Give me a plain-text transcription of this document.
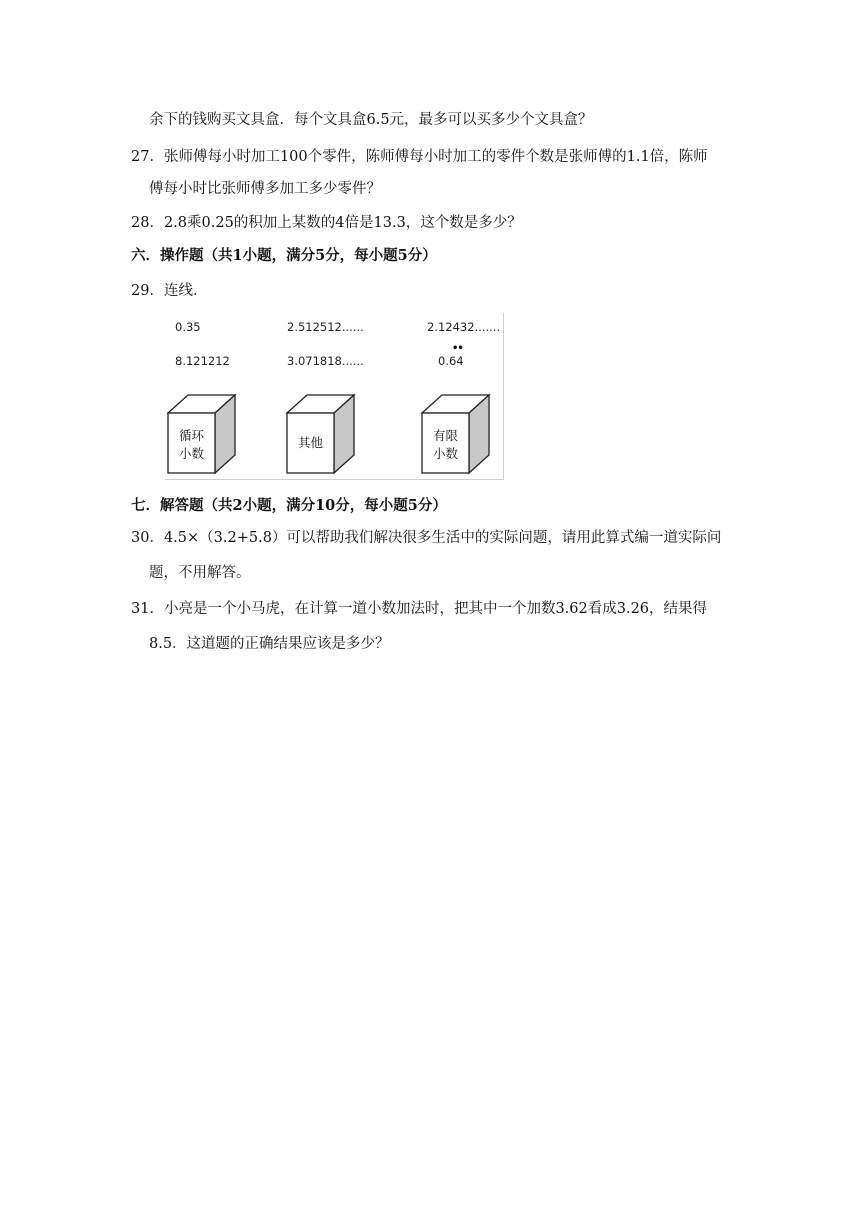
余下的钱购买文具盒．每个文具盒6.5元，最多可以买多少个文具盒？
27．张师傅每小时加工100个零件，陈师傅每小时加工的零件个数是张师傅的1.1倍，陈师
傅每小时比张师傅多加工多少零件？
28．2.8乘0.25的积加上某数的4倍是13.3，这个数是多少？
六．操作题（共1小题，满分5分，每小题5分）
29．连线．
0.35	2.512512......	2.12432.......
8.121212	3.071818......
••
0.64
循环
小数
其他	有限
小数
七．解答题（共2小题，满分10分，每小题5分）
30．4.5×（3.2+5.8）可以帮助我们解决很多生活中的实际问题，请用此算式编一道实际问
题，不用解答。
31．小亮是一个小马虎，在计算一道小数加法时，把其中一个加数3.62看成3.26，结果得
8.5．这道题的正确结果应该是多少？
